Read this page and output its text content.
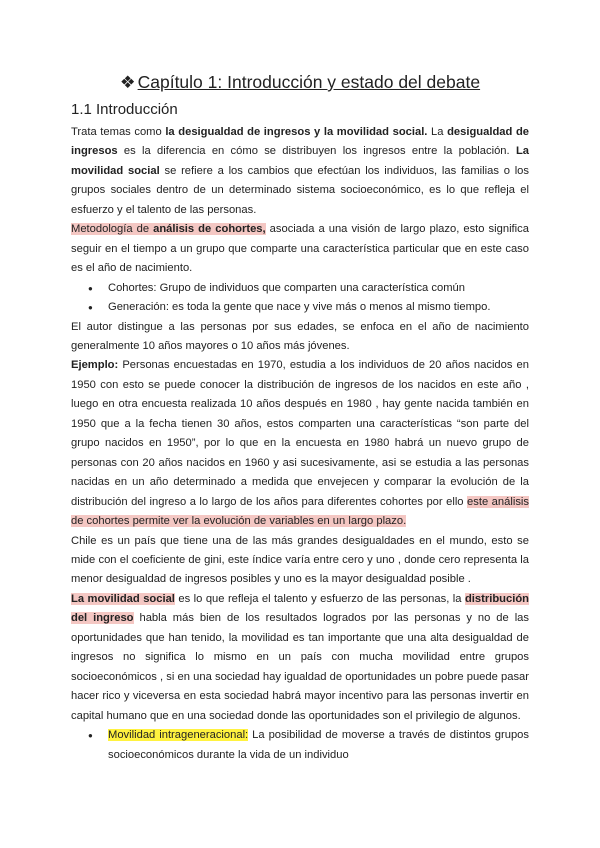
❖ Capítulo 1: Introducción y estado del debate
1.1 Introducción

Trata temas como la desigualdad de ingresos y la movilidad social. La desigualdad de ingresos es la diferencia en cómo se distribuyen los ingresos entre la población. La movilidad social se refiere a los cambios que efectúan los individuos, las familias o los grupos sociales dentro de un determinado sistema socioeconómico, es lo que refleja el esfuerzo y el talento de las personas.

Metodología de análisis de cohortes, asociada a una visión de largo plazo, esto significa seguir en el tiempo a un grupo que comparte una característica particular que en este caso es el año de nacimiento.

● Cohortes: Grupo de individuos que comparten una característica común
● Generación: es toda la gente que nace y vive más o menos al mismo tiempo.

El autor distingue a las personas por sus edades, se enfoca en el año de nacimiento generalmente 10 años mayores o 10 años más jóvenes.

Ejemplo: Personas encuestadas en 1970, estudia a los individuos de 20 años nacidos en 1950 con esto se puede conocer la distribución de ingresos de los nacidos en este año , luego en otra encuesta realizada 10 años después en 1980 , hay gente nacida también en 1950 que a la fecha tienen 30 años, estos comparten una características “son parte del grupo nacidos en 1950”, por lo que en la encuesta en 1980 habrá un nuevo grupo de personas con 20 años nacidos en 1960 y asi sucesivamente, asi se estudia a las personas nacidas en un año determinado a medida que envejecen y comparar la evolución de la distribución del ingreso a lo largo de los años para diferentes cohortes por ello este análisis de cohortes permite ver la evolución de variables en un largo plazo.

Chile es un país que tiene una de las más grandes desigualdades en el mundo, esto se mide con el coeficiente de gini, este índice varía entre cero y uno , donde cero representa la menor desigualdad de ingresos posibles y uno es la mayor desigualdad posible .

La movilidad social es lo que refleja el talento y esfuerzo de las personas, la distribución del ingreso habla más bien de los resultados logrados por las personas y no de las oportunidades que han tenido, la movilidad es tan importante que una alta desigualdad de ingresos no significa lo mismo en un país con mucha movilidad entre grupos socioeconómicos , si en una sociedad hay igualdad de oportunidades un pobre puede pasar hacer rico y viceversa en esta sociedad habrá mayor incentivo para las personas invertir en capital humano que en una sociedad donde las oportunidades son el privilegio de algunos.

● Movilidad intrageneracional: La posibilidad de moverse a través de distintos grupos socioeconómicos durante la vida de un individuo
